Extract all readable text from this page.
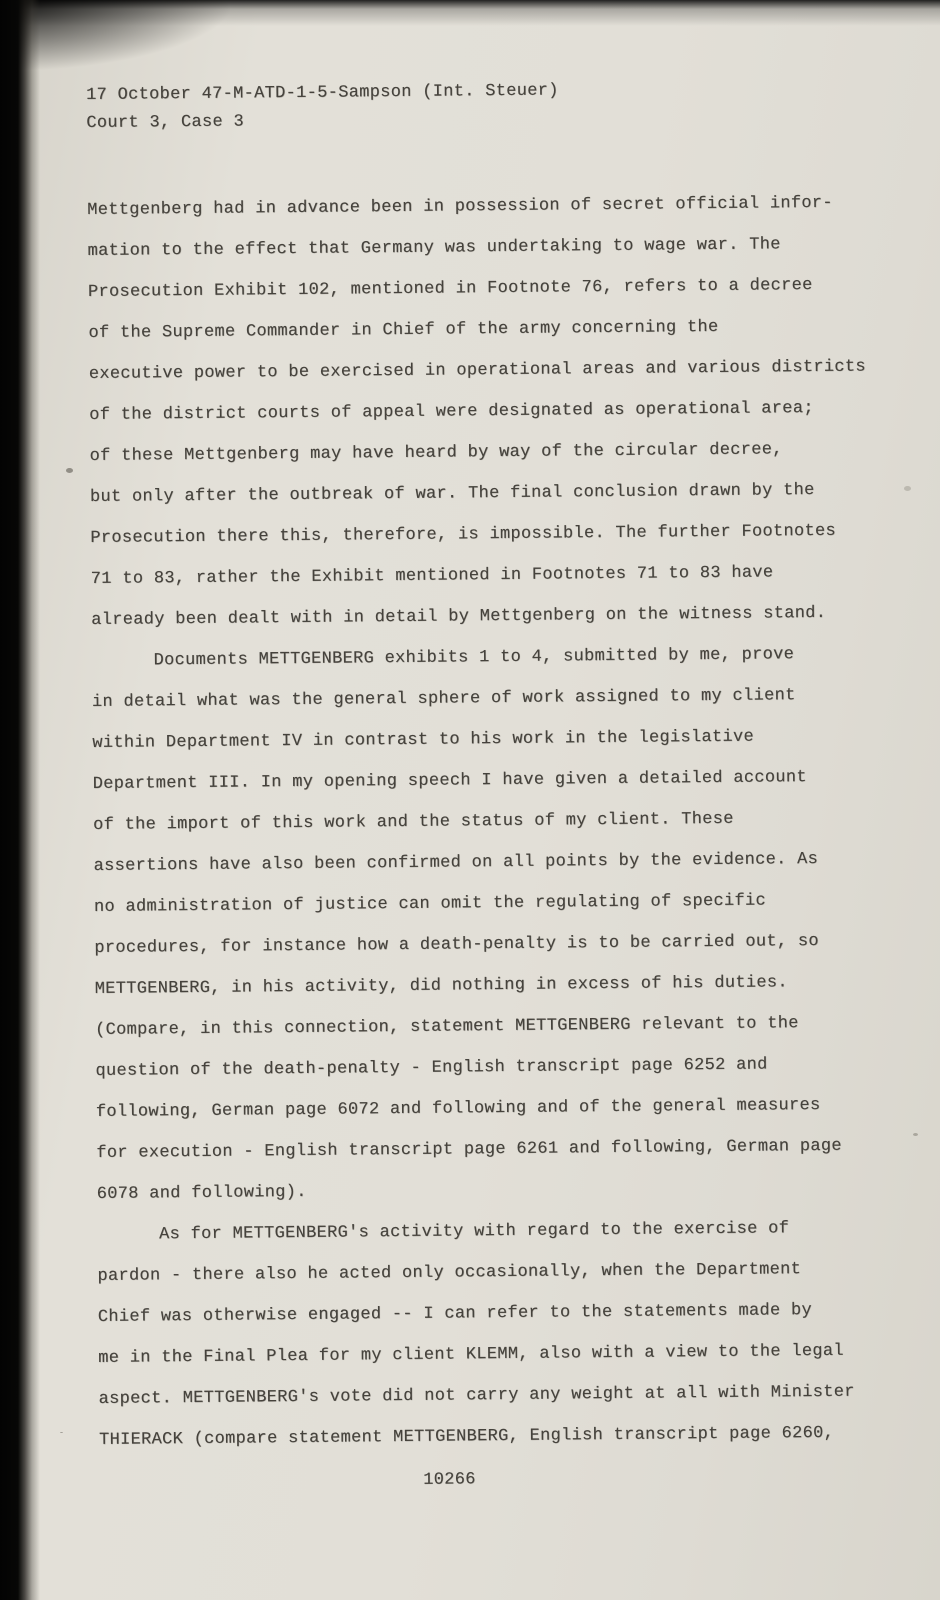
17 October 47-M-ATD-1-5-Sampson (Int. Steuer)
Court 3, Case 3
Mettgenberg had in advance been in possession of secret official infor-
mation to the effect that Germany was undertaking to wage war. The
Prosecution Exhibit 102, mentioned in Footnote 76, refers to a decree
of the Supreme Commander in Chief of the army concerning the
executive power to be exercised in operational areas and various districts
of the district courts of appeal were designated as operational area;
of these Mettgenberg may have heard by way of the circular decree,
but only after the outbreak of war. The final conclusion drawn by the
Prosecution there this, therefore, is impossible. The further Footnotes
71 to 83, rather the Exhibit mentioned in Footnotes 71 to 83 have
already been dealt with in detail by Mettgenberg on the witness stand.
Documents METTGENBERG exhibits 1 to 4, submitted by me, prove
in detail what was the general sphere of work assigned to my client
within Department IV in contrast to his work in the legislative
Department III. In my opening speech I have given a detailed account
of the import of this work and the status of my client. These
assertions have also been confirmed on all points by the evidence. As
no administration of justice can omit the regulating of specific
procedures, for instance how a death-penalty is to be carried out, so
METTGENBERG, in his activity, did nothing in excess of his duties.
(Compare, in this connection, statement METTGENBERG relevant to the
question of the death-penalty - English transcript page 6252 and
following, German page 6072 and following and of the general measures
for execution - English transcript page 6261 and following, German page
6078 and following).
As for METTGENBERG's activity with regard to the exercise of
pardon - there also he acted only occasionally, when the Department
Chief was otherwise engaged -- I can refer to the statements made by
me in the Final Plea for my client KLEMM, also with a view to the legal
aspect. METTGENBERG's vote did not carry any weight at all with Minister
THIERACK (compare statement METTGENBERG, English transcript page 6260,
10266
